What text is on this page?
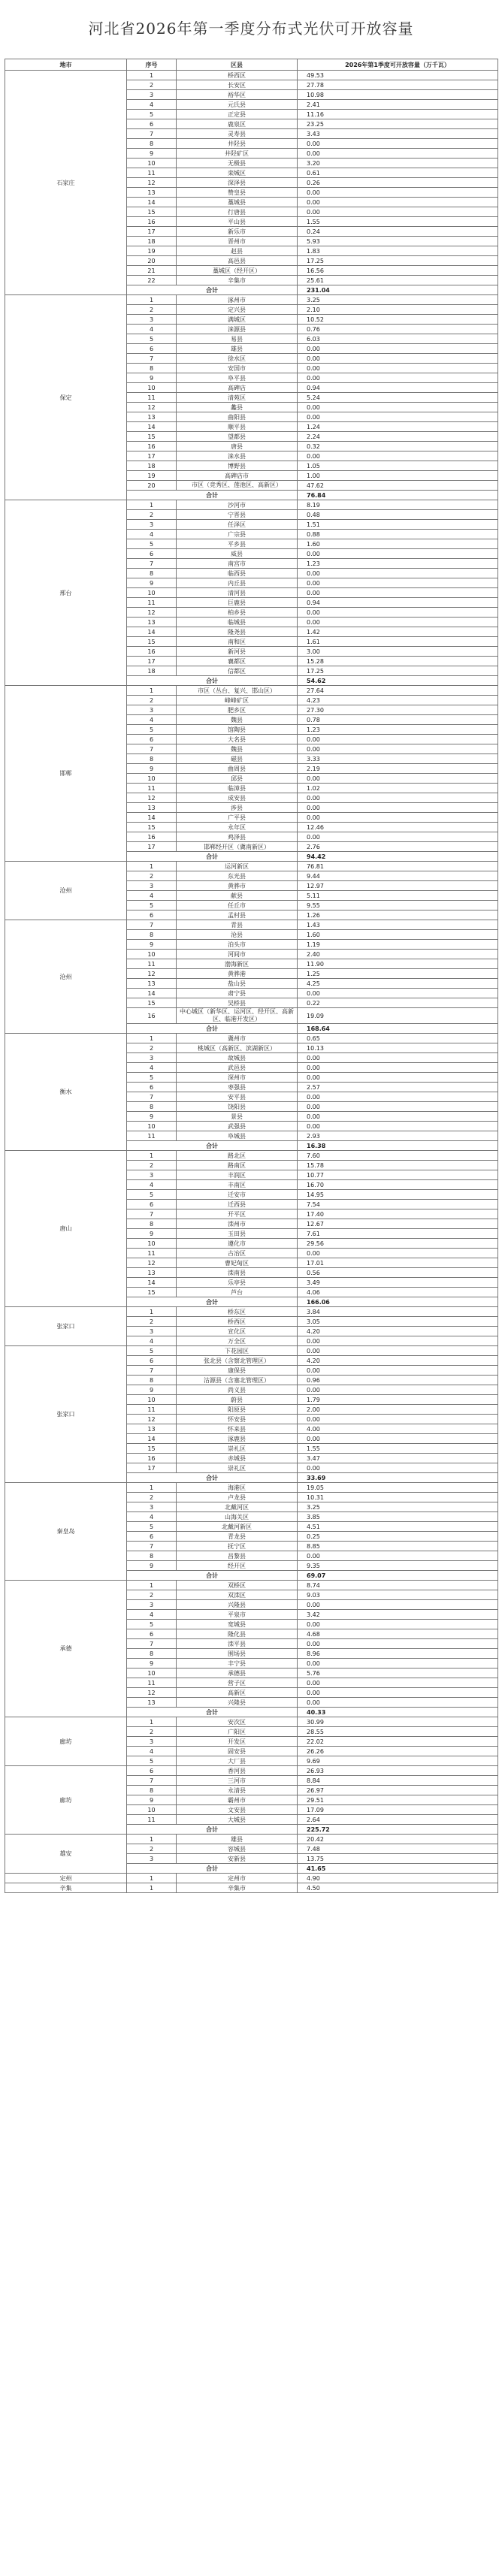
河北省2026年第一季度分布式光伏可开放容量
地市	序号	区县	2026年第1季度可开放容量（万千瓦）
石家庄	1	桥西区	49.53
	2	长安区	27.78
	3	裕华区	10.98
	4	元氏县	2.41
	5	正定县	11.16
	6	鹿泉区	23.25
	7	灵寿县	3.43
	8	井陉县	0.00
	9	井陉矿区	0.00
	10	无极县	3.20
	11	栾城区	0.61
	12	深泽县	0.26
	13	赞皇县	0.00
	14	藁城县	0.00
	15	行唐县	0.00
	16	平山县	1.55
	17	新乐市	0.24
	18	晋州市	5.93
	19	赵县	1.83
	20	高邑县	17.25
	21	藁城区（经开区）	16.56
	22	辛集市	25.61
	合计		231.04
保定	1	涿州市	3.25
	2	定兴县	2.10
	3	满城区	10.52
	4	涞源县	0.76
	5	易县	6.03
	6	雄县	0.00
	7	徐水区	0.00
	8	安国市	0.00
	9	阜平县	0.00
	10	高碑店	0.94
	11	清苑区	5.24
	12	蠡县	0.00
	13	曲阳县	0.00
	14	顺平县	1.24
	15	望都县	2.24
	16	唐县	0.32
	17	涞水县	0.00
	18	博野县	1.05
	19	高碑店市	1.00
	20	市区（竞秀区、莲池区、高新区）	47.62
	合计		76.84
邢台	1	沙河市	8.19
	2	宁晋县	0.48
	3	任泽区	1.51
	4	广宗县	0.88
	5	平乡县	1.60
	6	威县	0.00
	7	南宫市	1.23
	8	临西县	0.00
	9	内丘县	0.00
	10	清河县	0.00
	11	巨鹿县	0.94
	12	柏乡县	0.00
	13	临城县	0.00
	14	隆尧县	1.42
	15	南和区	1.61
	16	新河县	3.00
	17	襄都区	15.28
	18	信都区	17.25
	合计		54.62
邯郸	1	市区（丛台、复兴、邯山区）	27.64
	2	峰峰矿区	4.23
	3	肥乡区	27.30
	4	魏县	0.78
	5	馆陶县	1.23
	6	大名县	0.00
	7	魏县	0.00
	8	磁县	3.33
	9	曲周县	2.19
	10	邱县	0.00
	11	临漳县	1.02
	12	成安县	0.00
	13	涉县	0.00
	14	广平县	0.00
	15	永年区	12.46
	16	鸡泽县	0.00
	17	邯郸经开区（冀南新区）	2.76
	合计		94.42
沧州	1	运河新区	76.81
	2	东光县	9.44
	3	黄骅市	12.97
	4	献县	5.11
	5	任丘市	9.55
	6	孟村县	1.26
沧州	7	青县	1.43
	8	沧县	1.60
	9	泊头市	1.19
	10	河间市	2.40
	11	渤海新区	11.90
	12	黄骅港	1.25
	13	盐山县	4.25
	14	肃宁县	0.00
	15	吴桥县	0.22
	16	中心城区（新华区、运河区、经开区、高新区、临港开发区）	19.09
	合计		168.64
衡水	1	冀州市	0.65
	2	桃城区（高新区、滨湖新区）	10.13
	3	故城县	0.00
	4	武邑县	0.00
	5	深州市	0.00
	6	枣强县	2.57
	7	安平县	0.00
	8	饶阳县	0.00
	9	景县	0.00
	10	武强县	0.00
	11	阜城县	2.93
	合计		16.38
唐山	1	路北区	7.60
	2	路南区	15.78
	3	丰润区	10.77
	4	丰南区	16.70
	5	迁安市	14.95
	6	迁西县	7.54
	7	开平区	17.40
	8	滦州市	12.67
	9	玉田县	7.61
	10	遵化市	29.56
	11	古冶区	0.00
	12	曹妃甸区	17.01
	13	滦南县	0.56
	14	乐亭县	3.49
	15	芦台	4.06
	合计		166.06
张家口	1	桥东区	3.84
	2	桥西区	3.05
	3	宣化区	4.20
	4	万全区	0.00
张家口	5	下花园区	0.00
	6	张北县（含察北管理区）	4.20
	7	康保县	0.00
	8	沽源县（含塞北管理区）	0.96
	9	尚义县	0.00
	10	蔚县	1.79
	11	阳原县	2.00
	12	怀安县	0.00
	13	怀来县	4.00
	14	涿鹿县	0.00
	15	崇礼区	1.55
	16	赤城县	3.47
	17	崇礼区	0.00
	合计		33.69
秦皇岛	1	海港区	19.05
	2	卢龙县	10.31
	3	北戴河区	3.25
	4	山海关区	3.85
	5	北戴河新区	4.51
	6	青龙县	0.25
	7	抚宁区	8.85
	8	昌黎县	0.00
	9	经开区	9.35
	合计		69.07
承德	1	双桥区	8.74
	2	双滦区	9.03
	3	兴隆县	0.00
	4	平泉市	3.42
	5	宽城县	0.00
	6	隆化县	4.68
	7	滦平县	0.00
	8	围场县	8.96
	9	丰宁县	0.00
	10	承德县	5.76
	11	营子区	0.00
	12	高新区	0.00
	13	兴隆县	0.00
	合计		40.33
廊坊	1	安次区	30.99
	2	广阳区	28.55
	3	开发区	22.02
	4	固安县	26.26
	5	大厂县	9.69
廊坊	6	香河县	26.93
	7	三河市	8.84
	8	永清县	26.97
	9	霸州市	29.51
	10	文安县	17.09
	11	大城县	2.64
	合计		225.72
雄安	1	雄县	20.42
	2	容城县	7.48
	3	安新县	13.75
	合计		41.65
定州	1	定州市	4.90
辛集	1	辛集市	4.50
